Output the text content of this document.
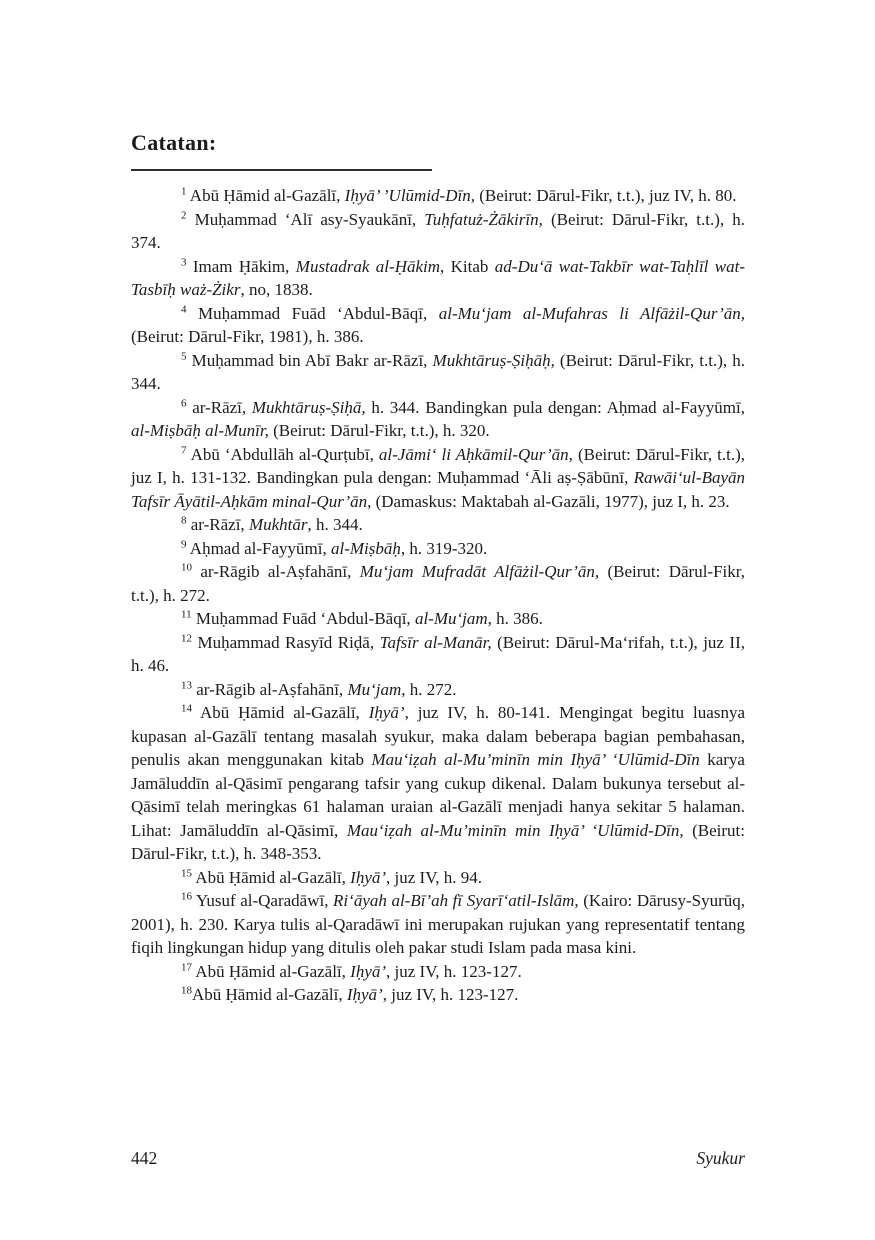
Catatan:

$^1$ Abū Ḥāmid al-Gazālī, Iḥyā’ ’Ulūmid-Dīn, (Beirut: Dārul-Fikr, t.t.), juz IV, h. 80.

$^2$ Muḥammad ‘Alī asy-Syaukānī, Tuḥfatuż-Żākirīn, (Beirut: Dārul-Fikr, t.t.), h. 374.

$^3$ Imam Ḥākim, Mustadrak al-Ḥākim, Kitab ad-Du‘ā wat-Takbīr wat-Taḥlīl wat-Tasbīḥ waż-Żikr, no, 1838.

$^4$ Muḥammad Fuād ‘Abdul-Bāqī, al-Mu‘jam al-Mufahras li Alfāżil-Qur’ān, (Beirut: Dārul-Fikr, 1981), h. 386.

$^5$ Muḥammad bin Abī Bakr ar-Rāzī, Mukhtāruṣ-Ṣiḥāḥ, (Beirut: Dārul-Fikr, t.t.), h. 344.

$^6$ ar-Rāzī, Mukhtāruṣ-Ṣiḥā, h. 344. Bandingkan pula dengan: Aḥmad al-Fayyūmī, al-Miṣbāḥ al-Munīr, (Beirut: Dārul-Fikr, t.t.), h. 320.

$^7$ Abū ‘Abdullāh al-Qurṭubī, al-Jāmi‘ li Aḥkāmil-Qur’ān, (Beirut: Dārul-Fikr, t.t.), juz I, h. 131-132. Bandingkan pula dengan: Muḥammad ‘Āli aṣ-Ṣābūnī, Rawāi‘ul-Bayān Tafsīr Āyātil-Aḥkām minal-Qur’ān, (Damaskus: Maktabah al-Gazāli, 1977), juz I, h. 23.

$^8$ ar-Rāzī, Mukhtār, h. 344.

$^9$ Aḥmad al-Fayyūmī, al-Miṣbāḥ, h. 319-320.

$^{10}$ ar-Rāgib al-Aṣfahānī, Mu‘jam Mufradāt Alfāżil-Qur’ān, (Beirut: Dārul-Fikr, t.t.), h. 272.

$^{11}$ Muḥammad Fuād ‘Abdul-Bāqī, al-Mu‘jam, h. 386.

$^{12}$ Muḥammad Rasyīd Riḍā, Tafsīr al-Manār, (Beirut: Dārul-Ma‘rifah, t.t.), juz II, h. 46.

$^{13}$ ar-Rāgib al-Aṣfahānī, Mu‘jam, h. 272.

$^{14}$ Abū Ḥāmid al-Gazālī, Iḥyā’, juz IV, h. 80-141. Mengingat begitu luasnya kupasan al-Gazālī tentang masalah syukur, maka dalam beberapa bagian pembahasan, penulis akan menggunakan kitab Mau‘iẓah al-Mu’minīn min Iḥyā’ ‘Ulūmid-Dīn karya Jamāluddīn al-Qāsimī pengarang tafsir yang cukup dikenal. Dalam bukunya tersebut al-Qāsimī telah meringkas 61 halaman uraian al-Gazālī menjadi hanya sekitar 5 halaman. Lihat: Jamāluddīn al-Qāsimī, Mau‘iẓah al-Mu’minīn min Iḥyā’ ‘Ulūmid-Dīn, (Beirut: Dārul-Fikr, t.t.), h. 348-353.

$^{15}$ Abū Ḥāmid al-Gazālī, Iḥyā’, juz IV, h. 94.

$^{16}$ Yusuf al-Qaradāwī, Ri‘āyah al-Bī’ah fī Syarī‘atil-Islām, (Kairo: Dārusy-Syurūq, 2001), h. 230. Karya tulis al-Qaradāwī ini merupakan rujukan yang representatif tentang fiqih lingkungan hidup yang ditulis oleh pakar studi Islam pada masa kini.

$^{17}$ Abū Ḥāmid al-Gazālī, Iḥyā’, juz IV, h. 123-127.

$^{18}$Abū Ḥāmid al-Gazālī, Iḥyā’, juz IV, h. 123-127.

442	Syukur
